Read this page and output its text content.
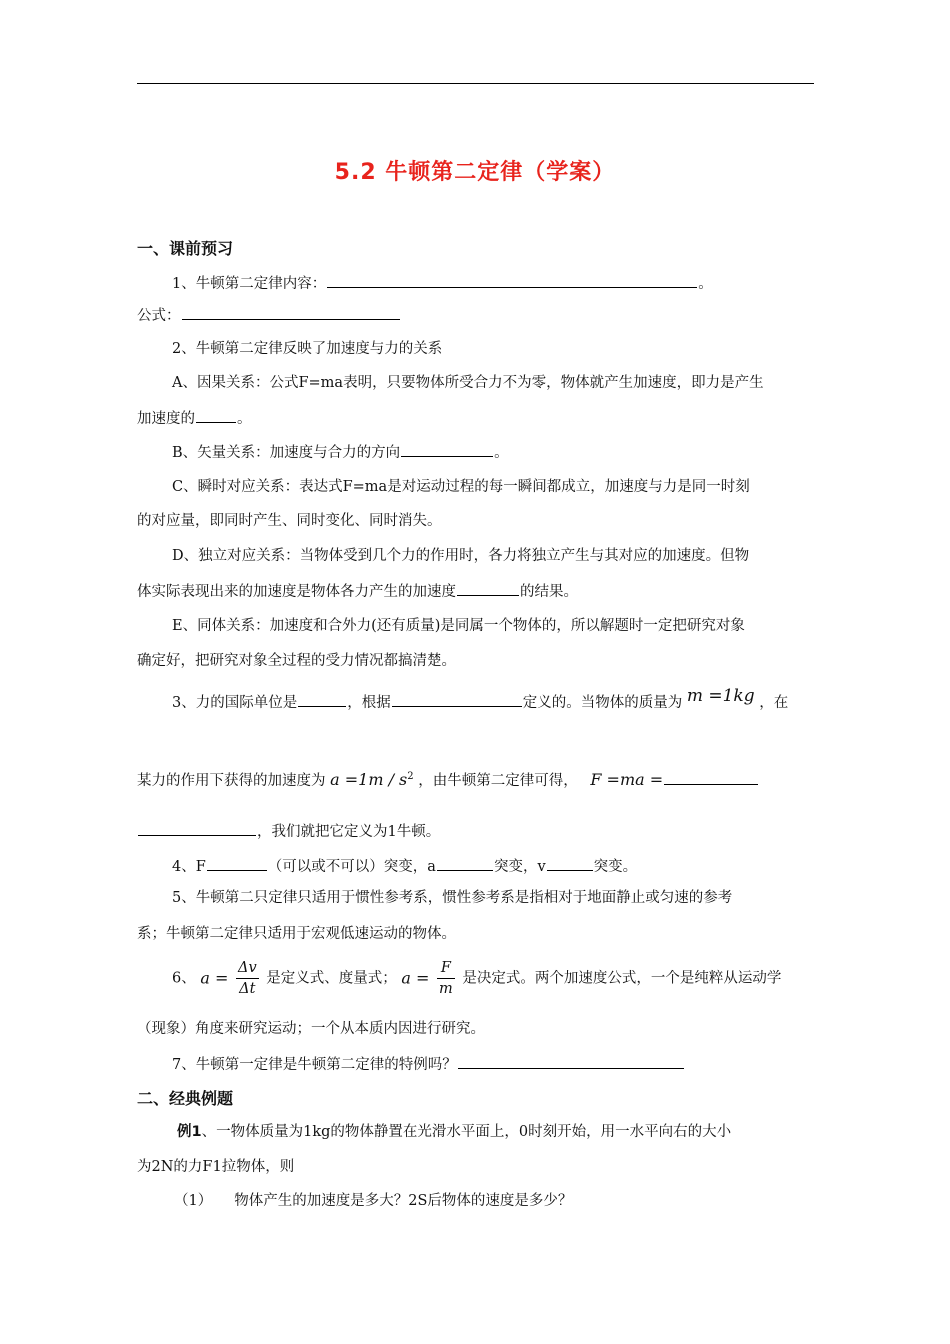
5.2 牛顿第二定律（学案）
一、课前预习
1、牛顿第二定律内容：	。
公式：
2、牛顿第二定律反映了加速度与力的关系
A、因果关系：公式F=ma表明，只要物体所受合力不为零，物体就产生加速度，即力是产生
加速度的	。
B、矢量关系：加速度与合力的方向	。
C、瞬时对应关系：表达式F=ma是对运动过程的每一瞬间都成立，加速度与力是同一时刻
的对应量，即同时产生、同时变化、同时消失。
D、独立对应关系：当物体受到几个力的作用时，各力将独立产生与其对应的加速度。但物
体实际表现出来的加速度是物体各力产生的加速度	的结果。
E、同体关系：加速度和合外力(还有质量)是同属一个物体的，所以解题时一定把研究对象
确定好，把研究对象全过程的受力情况都搞清楚。
3、力的国际单位是	，根据	定义的。当物体的质量为 m =1kg ，在
某力的作用下获得的加速度为 $a =1m / s^2$ ，由牛顿第二定律可得， F =ma =
，我们就把它定义为1牛顿。
4、F	（可以或不可以）突变，a	突变，v	突变。
5、牛顿第二只定律只适用于惯性参考系，惯性参考系是指相对于地面静止或匀速的参考
系；牛顿第二定律只适用于宏观低速运动的物体。
6、 $a = \frac{\Delta v}{\Delta t}$ 是定义式、度量式； $a = \frac{F}{m}$ 是决定式。两个加速度公式，一个是纯粹从运动学
（现象）角度来研究运动；一个从本质内因进行研究。
7、牛顿第一定律是牛顿第二定律的特例吗？
二、经典例题
例1、一物体质量为1kg的物体静置在光滑水平面上，0时刻开始，用一水平向右的大小
为2N的力F1拉物体，则
（1） 物体产生的加速度是多大？2S后物体的速度是多少？
